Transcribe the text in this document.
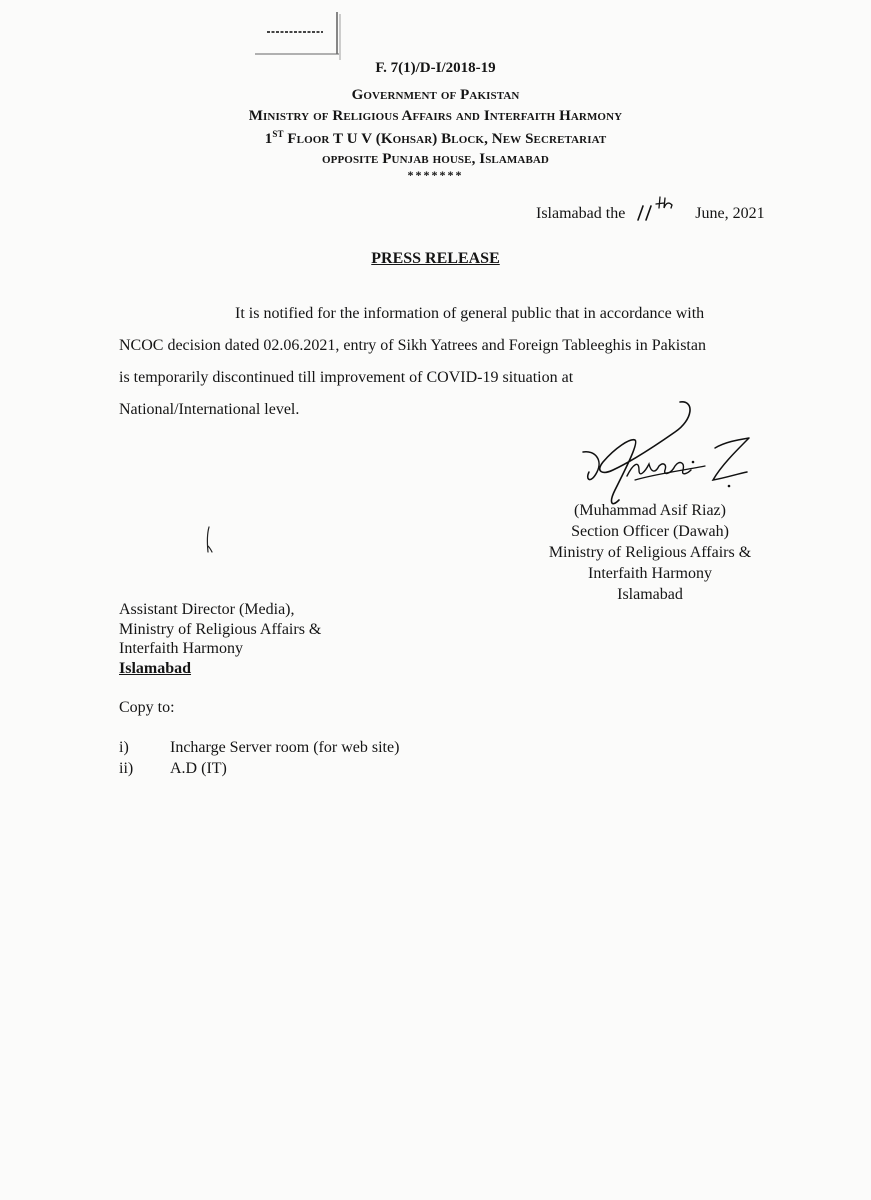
F. 7(1)/D-I/2018-19
Government of Pakistan
Ministry of Religious Affairs and Interfaith Harmony
1ST Floor T U V (Kohsar) Block, New Secretariat
opposite Punjab house, Islamabad
*******
Islamabad the	June, 2021
PRESS RELEASE
It is notified for the information of general public that in accordance with
NCOC decision dated 02.06.2021, entry of Sikh Yatrees and Foreign Tableeghis in Pakistan
is temporarily discontinued till improvement of COVID-19 situation at
National/International level.
(Muhammad Asif Riaz)
Section Officer (Dawah)
Ministry of Religious Affairs &
Interfaith Harmony
Islamabad
Assistant Director (Media),
Ministry of Religious Affairs &
Interfaith Harmony
Islamabad
Copy to:
i)	Incharge Server room (for web site)
ii)	A.D (IT)
